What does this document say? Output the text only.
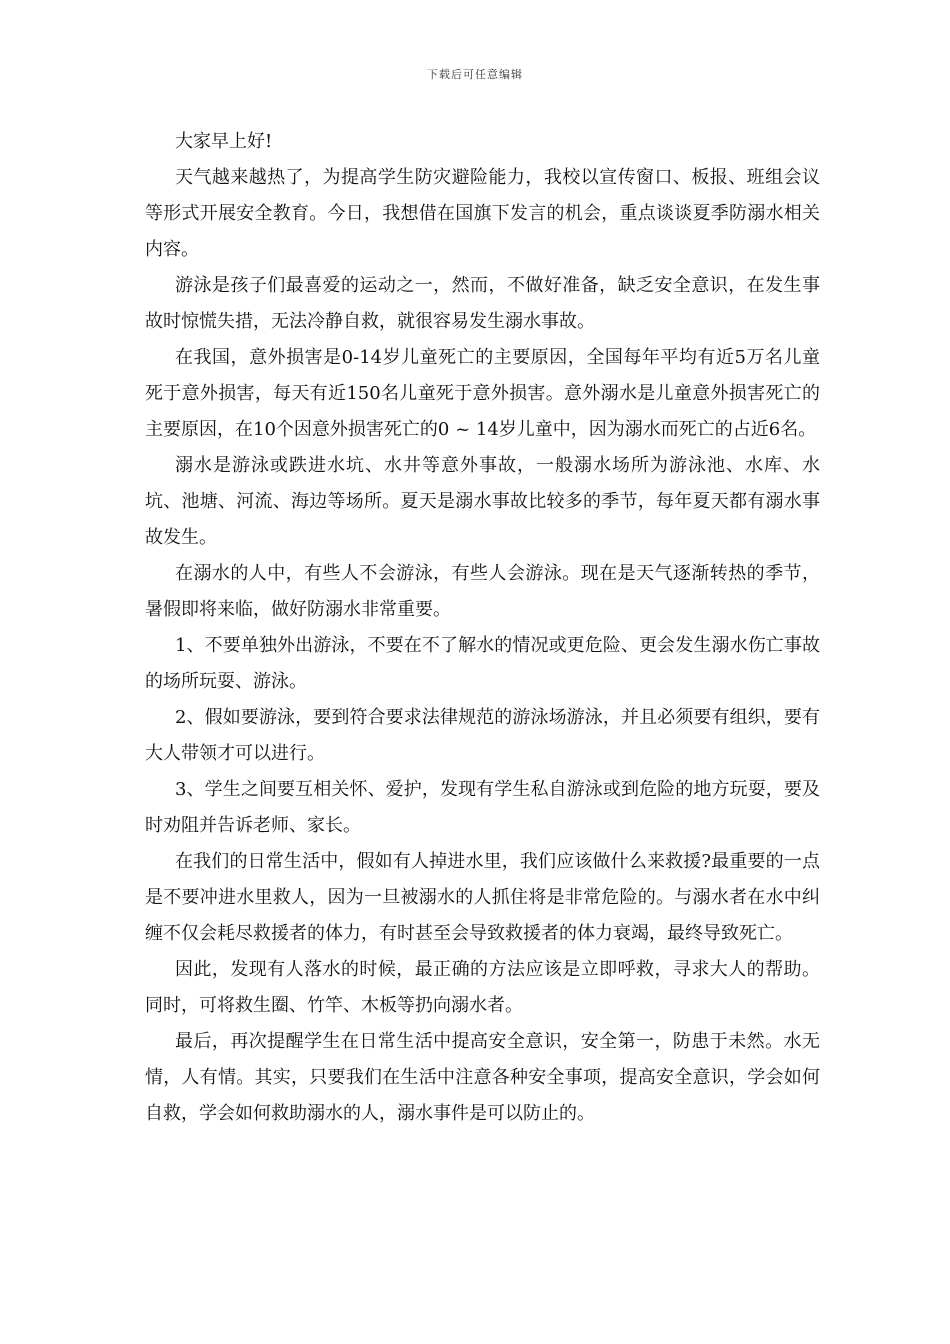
下载后可任意编辑

大家早上好!

天气越来越热了，为提高学生防灾避险能力，我校以宣传窗口、板报、班组会议等形式开展安全教育。今日，我想借在国旗下发言的机会，重点谈谈夏季防溺水相关内容。

游泳是孩子们最喜爱的运动之一，然而，不做好准备，缺乏安全意识，在发生事故时惊慌失措，无法冷静自救，就很容易发生溺水事故。

在我国，意外损害是0-14岁儿童死亡的主要原因，全国每年平均有近5万名儿童死于意外损害，每天有近150名儿童死于意外损害。意外溺水是儿童意外损害死亡的主要原因，在10个因意外损害死亡的0 ~ 14岁儿童中，因为溺水而死亡的占近6名。

溺水是游泳或跌进水坑、水井等意外事故，一般溺水场所为游泳池、水库、水坑、池塘、河流、海边等场所。夏天是溺水事故比较多的季节，每年夏天都有溺水事故发生。

在溺水的人中，有些人不会游泳，有些人会游泳。现在是天气逐渐转热的季节，暑假即将来临，做好防溺水非常重要。

1、不要单独外出游泳，不要在不了解水的情况或更危险、更会发生溺水伤亡事故的场所玩耍、游泳。

2、假如要游泳，要到符合要求法律规范的游泳场游泳，并且必须要有组织，要有大人带领才可以进行。

3、学生之间要互相关怀、爱护，发现有学生私自游泳或到危险的地方玩耍，要及时劝阻并告诉老师、家长。

在我们的日常生活中，假如有人掉进水里，我们应该做什么来救援?最重要的一点是不要冲进水里救人，因为一旦被溺水的人抓住将是非常危险的。与溺水者在水中纠缠不仅会耗尽救援者的体力，有时甚至会导致救援者的体力衰竭，最终导致死亡。

因此，发现有人落水的时候，最正确的方法应该是立即呼救，寻求大人的帮助。同时，可将救生圈、竹竿、木板等扔向溺水者。

最后，再次提醒学生在日常生活中提高安全意识，安全第一，防患于未然。水无情，人有情。其实，只要我们在生活中注意各种安全事项，提高安全意识，学会如何自救，学会如何救助溺水的人，溺水事件是可以防止的。
